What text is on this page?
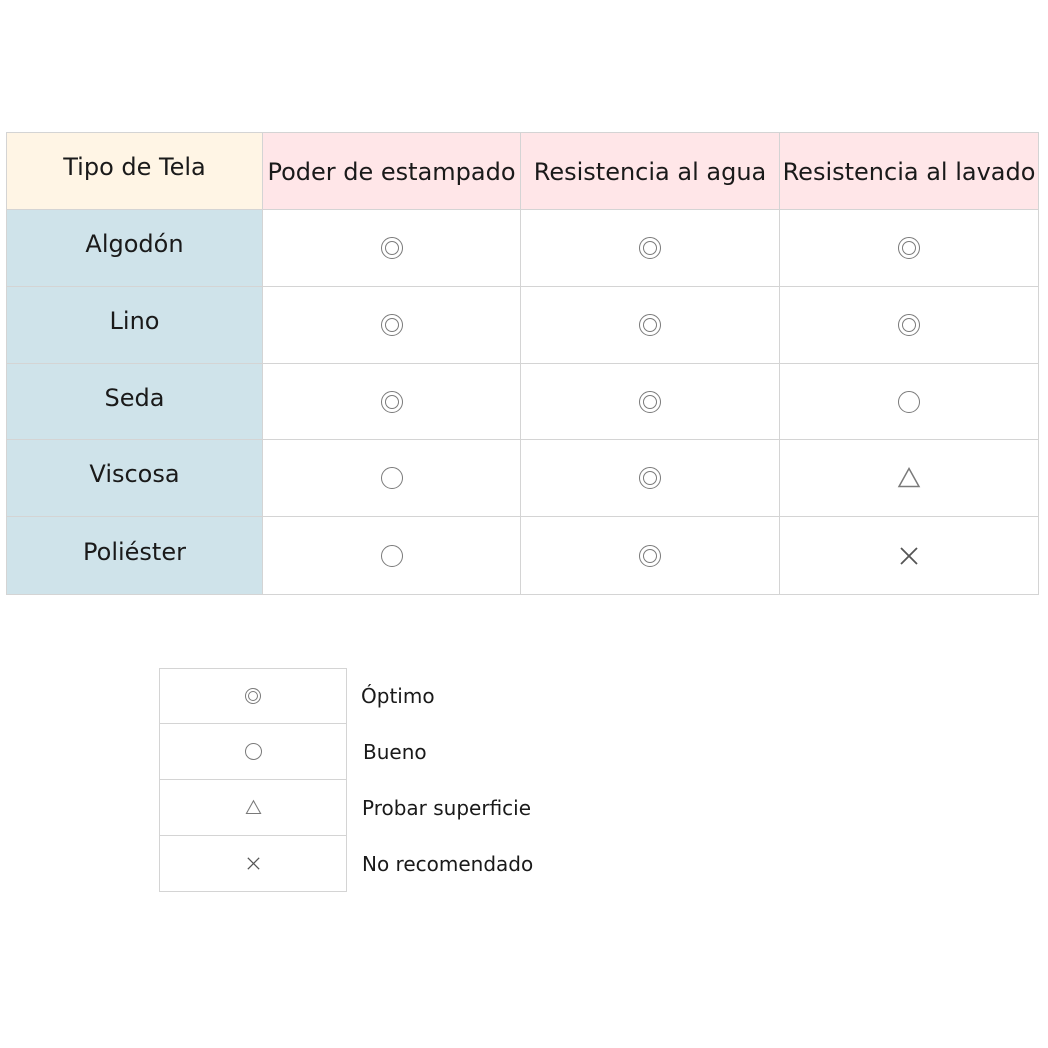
Tipo de Tela	Poder de estampado Resistencia al agua Resistencia al lavado
Algodón
Lino
Seda
Viscosa
Poliéster
Óptimo
Bueno
Probar superficie
No recomendado
